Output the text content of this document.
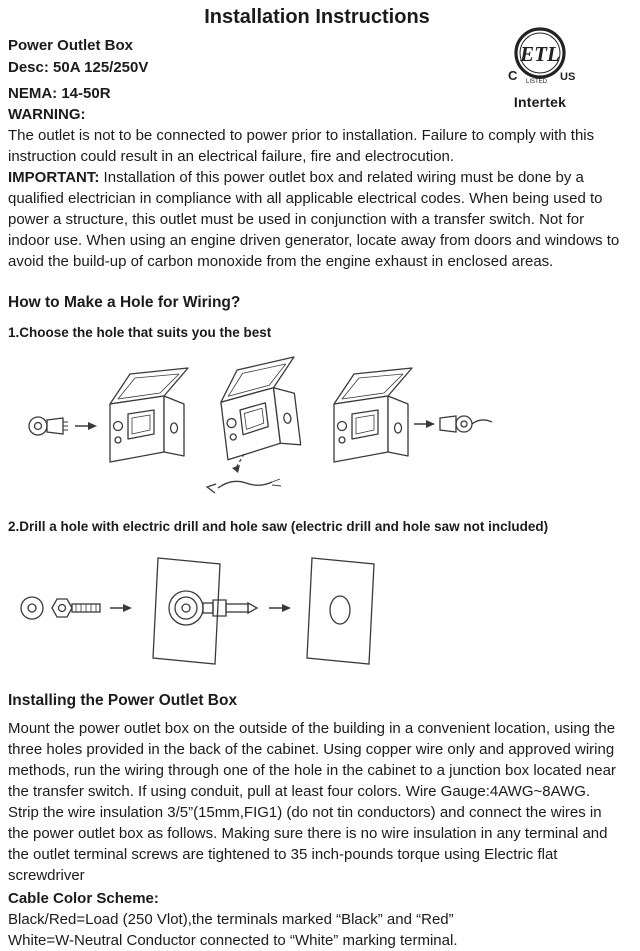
Installation Instructions
ETL
C	US
LISTED
Intertek
Power Outlet Box
Desc: 50A 125/250V
NEMA: 14-50R
WARNING:

The outlet is not to be connected to power prior to installation. Failure to comply with this instruction could result in an electrical failure, fire and electrocution.

IMPORTANT: Installation of this power outlet box and related wiring must be done by a qualified electrician in compliance with all applicable electrical codes. When being used to power a structure, this outlet must be used in conjunction with a transfer switch. Not for indoor use. When using an engine driven generator, locate away from doors and windows to avoid the build-up of carbon monoxide from the engine exhaust in enclosed areas.

How to Make a Hole for Wiring?
1.Choose the hole that suits you the best
2.Drill a hole with electric drill and hole saw (electric drill and hole saw not included)
Installing the Power Outlet Box

Mount the power outlet box on the outside of the building in a convenient location, using the three holes provided in the back of the cabinet. Using copper wire only and approved wiring methods, run the wiring through one of the hole in the cabinet to a junction box located near the transfer switch. If using conduit, pull at least four colors. Wire Gauge:4AWG~8AWG.

Strip the wire insulation 3/5”(15mm,FIG1) (do not tin conductors) and connect the wires in the power outlet box as follows. Making sure there is no wire insulation in any terminal and the outlet terminal screws are tightened to 35 inch-pounds torque using Electric flat screwdriver

Cable Color Scheme:

Black/Red=Load (250 Vlot),the terminals marked “Black” and “Red”

White=W-Neutral Conductor connected to “White” marking terminal.
